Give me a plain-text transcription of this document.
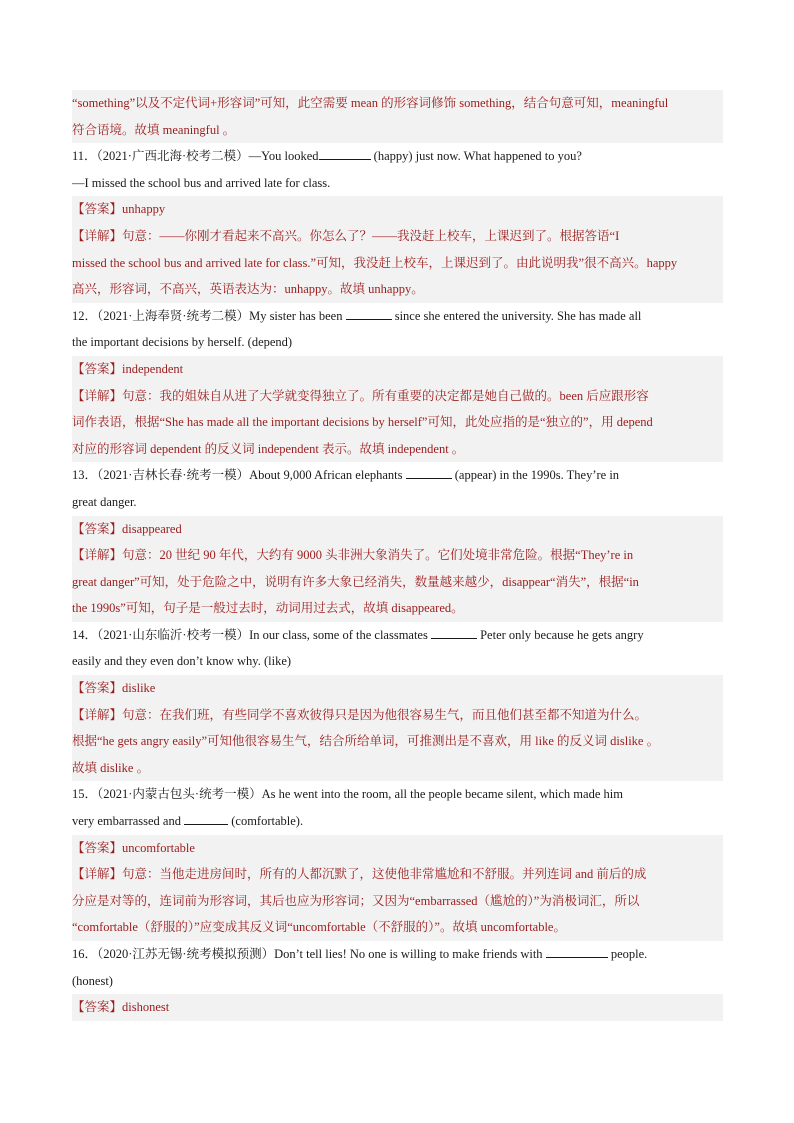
“something”以及不定代词+形容词”可知，此空需要 mean 的形容词修饰 something，结合句意可知，meaningful
符合语境。故填 meaningful 。
11．（2021·广西北海·校考二模）—You looked	(happy) just now. What happened to you?
—I missed the school bus and arrived late for class.
【答案】unhappy
【详解】句意：——你刚才看起来不高兴。你怎么了？——我没赶上校车，上课迟到了。根据答语“I
missed the school bus and arrived late for class.”可知，我没赶上校车，上课迟到了。由此说明我”很不高兴。happy
高兴，形容词，不高兴，英语表达为：unhappy。故填 unhappy。
12．（2021·上海奉贤·统考二模）My sister has been	since she entered the university. She has made all
the important decisions by herself. (depend)
【答案】independent
【详解】句意：我的姐妹自从进了大学就变得独立了。所有重要的决定都是她自己做的。been 后应跟形容
词作表语，根据“She has made all the important decisions by herself”可知，此处应指的是“独立的”，用 depend
对应的形容词 dependent 的反义词 independent 表示。故填 independent 。
13．（2021·吉林长春·统考一模）About 9,000 African elephants	(appear) in the 1990s. They’re in
great danger.
【答案】disappeared
【详解】句意：20 世纪 90 年代，大约有 9000 头非洲大象消失了。它们处境非常危险。根据“They’re in
great danger”可知，处于危险之中，说明有许多大象已经消失，数量越来越少，disappear“消失”，根据“in
the 1990s”可知，句子是一般过去时，动词用过去式，故填 disappeared。
14．（2021·山东临沂·校考一模）In our class, some of the classmates	Peter only because he gets angry
easily and they even don’t know why. (like)
【答案】dislike
【详解】句意：在我们班，有些同学不喜欢彼得只是因为他很容易生气，而且他们甚至都不知道为什么。
根据“he gets angry easily”可知他很容易生气，结合所给单词，可推测出是不喜欢，用 like 的反义词 dislike 。
故填 dislike 。
15．（2021·内蒙古包头·统考一模）As he went into the room, all the people became silent, which made him
very embarrassed and	(comfortable).
【答案】uncomfortable
【详解】句意：当他走进房间时，所有的人都沉默了，这使他非常尴尬和不舒服。并列连词 and 前后的成
分应是对等的，连词前为形容词，其后也应为形容词；又因为“embarrassed（尴尬的）”为消极词汇，所以
“comfortable（舒服的）”应变成其反义词“uncomfortable（不舒服的）”。故填 uncomfortable。
16．（2020·江苏无锡·统考模拟预测）Don’t tell lies! No one is willing to make friends with	people.
(honest)
【答案】dishonest
